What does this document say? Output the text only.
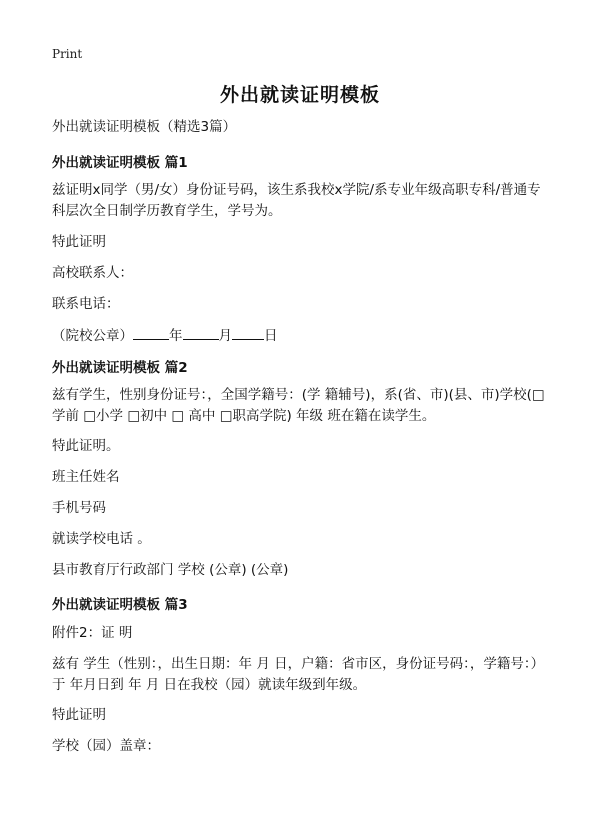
Print
外出就读证明模板

外出就读证明模板（精选3篇）

外出就读证明模板 篇1

兹证明x同学（男/女）身份证号码，该生系我校x学院/系专业年级高职专科/普通专科层次全日制学历教育学生，学号为。

特此证明

高校联系人：

联系电话：

（院校公章）	年	月 日

外出就读证明模板 篇2

兹有学生，性别身份证号：，全国学籍号：(学 籍辅号)，系(省、市)(县、市)学校(□学前 □小学 □初中 □ 高中 □职高学院) 年级 班在籍在读学生。

特此证明。

班主任姓名

手机号码

就读学校电话 。

县市教育厅行政部门 学校 (公章) (公章)

外出就读证明模板 篇3

附件2：证 明

兹有 学生（性别：，出生日期：年 月 日，户籍：省市区，身份证号码：，学籍号：）于 年月日到 年 月 日在我校（园）就读年级到年级。

特此证明

学校（园）盖章：
